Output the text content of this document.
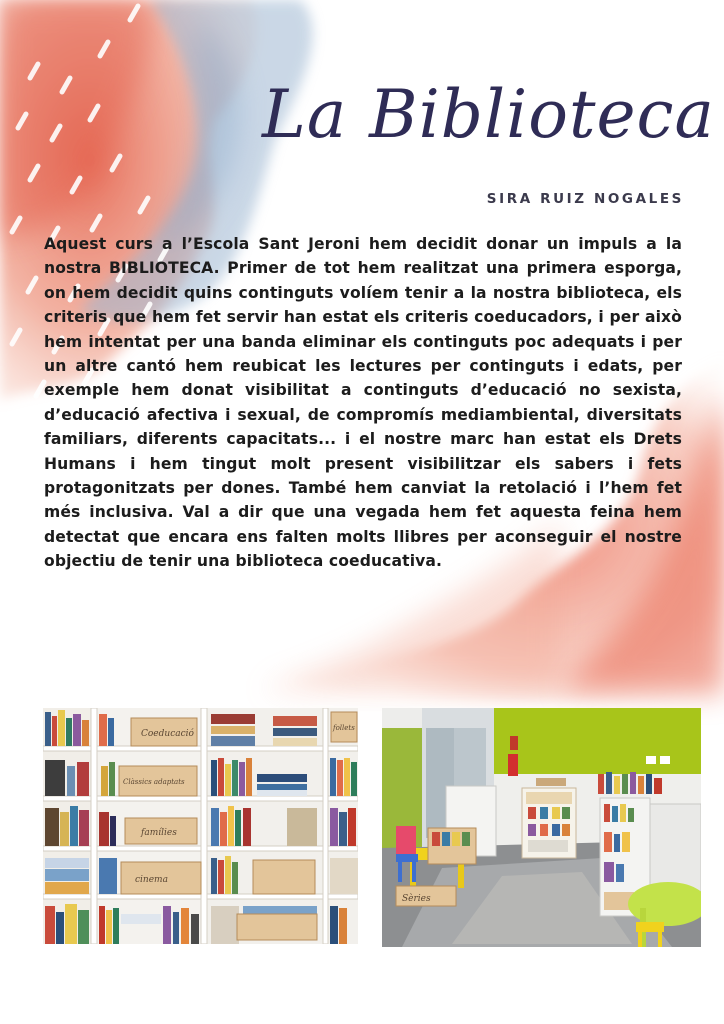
La Biblioteca

SIRA RUIZ NOGALES

Aquest curs a l’Escola Sant Jeroni hem decidit donar un impuls a la nostra BIBLIOTECA. Primer de tot hem realitzat una primera esporga, on hem decidit quins continguts volíem tenir a la nostra biblioteca, els criteris que hem fet servir han estat els criteris coeducadors, i per això hem intentat per una banda eliminar els continguts poc adequats i per un altre cantó hem reubicat les lectures per continguts i edats, per exemple hem donat visibilitat a continguts d’educació no sexista, d’educació afectiva i sexual, de compromís mediambiental, diversitats familiars, diferents capacitats... i el nostre marc han estat els Drets Humans i hem tingut molt present visibilitzar els sabers i fets protagonitzats per dones. També hem canviat la retolació i l’hem fet més inclusiva. Val a dir que una vegada hem fet aquesta feina hem detectat que encara ens falten molts llibres per aconseguir el nostre objectiu de tenir una biblioteca coeducativa.

Coeducació
Clàssics adaptats
famílies
cinema
follets
Sèries
